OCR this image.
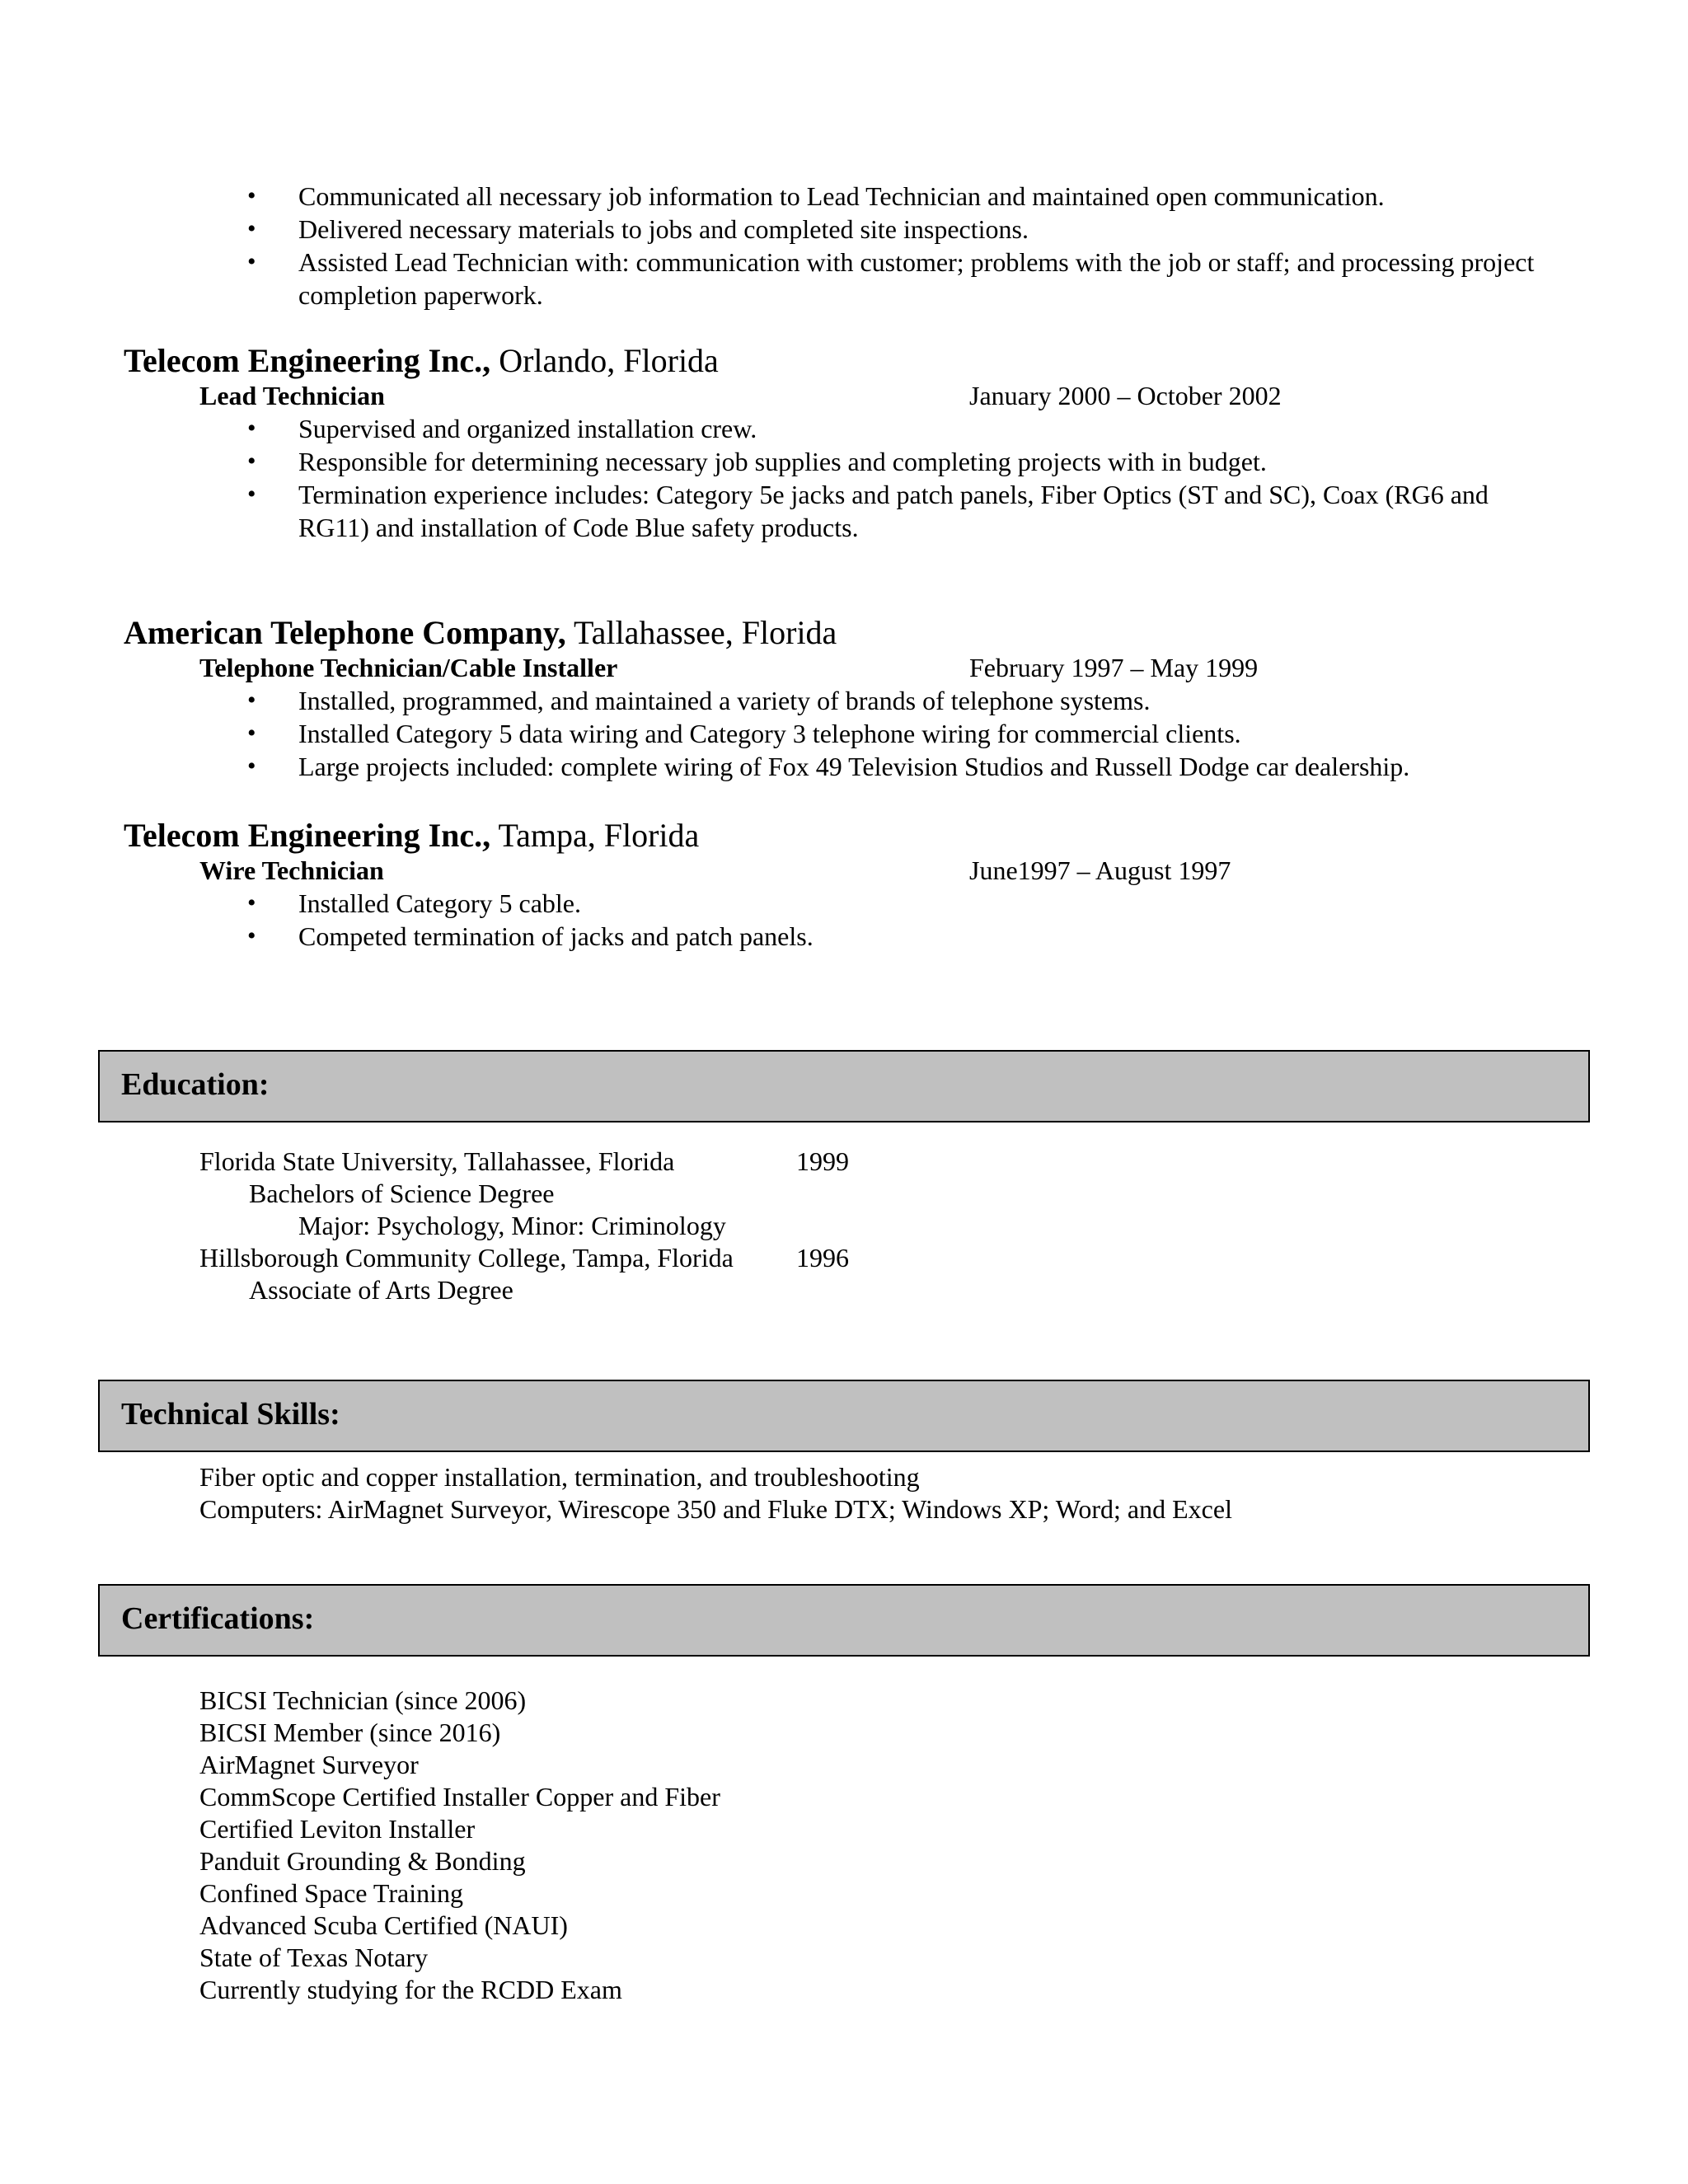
•	Communicated all necessary job information to Lead Technician and maintained open communication.
•	Delivered necessary materials to jobs and completed site inspections.
•	Assisted Lead Technician with: communication with customer; problems with the job or staff; and processing project completion paperwork.
Telecom Engineering Inc., Orlando, Florida
Lead Technician	January 2000 – October 2002
•	Supervised and organized installation crew.
•	Responsible for determining necessary job supplies and completing projects with in budget.
•	Termination experience includes: Category 5e jacks and patch panels, Fiber Optics (ST and SC), Coax (RG6 and RG11) and installation of Code Blue safety products.
American Telephone Company, Tallahassee, Florida
Telephone Technician/Cable Installer	February 1997 – May 1999
•	Installed, programmed, and maintained a variety of brands of telephone systems.
•	Installed Category 5 data wiring and Category 3 telephone wiring for commercial clients.
•	Large projects included: complete wiring of Fox 49 Television Studios and Russell Dodge car dealership.
Telecom Engineering Inc., Tampa, Florida
Wire Technician	June1997 – August 1997
•	Installed Category 5 cable.
•	Competed termination of jacks and patch panels.
Education:
Florida State University, Tallahassee, Florida	1999
Bachelors of Science Degree
Major: Psychology, Minor: Criminology
Hillsborough Community College, Tampa, Florida 1996
Associate of Arts Degree
Technical Skills:
Fiber optic and copper installation, termination, and troubleshooting
Computers: AirMagnet Surveyor, Wirescope 350 and Fluke DTX; Windows XP; Word; and Excel
Certifications:
BICSI Technician (since 2006)
BICSI Member (since 2016)
AirMagnet Surveyor
CommScope Certified Installer Copper and Fiber
Certified Leviton Installer
Panduit Grounding & Bonding
Confined Space Training
Advanced Scuba Certified (NAUI)
State of Texas Notary
Currently studying for the RCDD Exam
